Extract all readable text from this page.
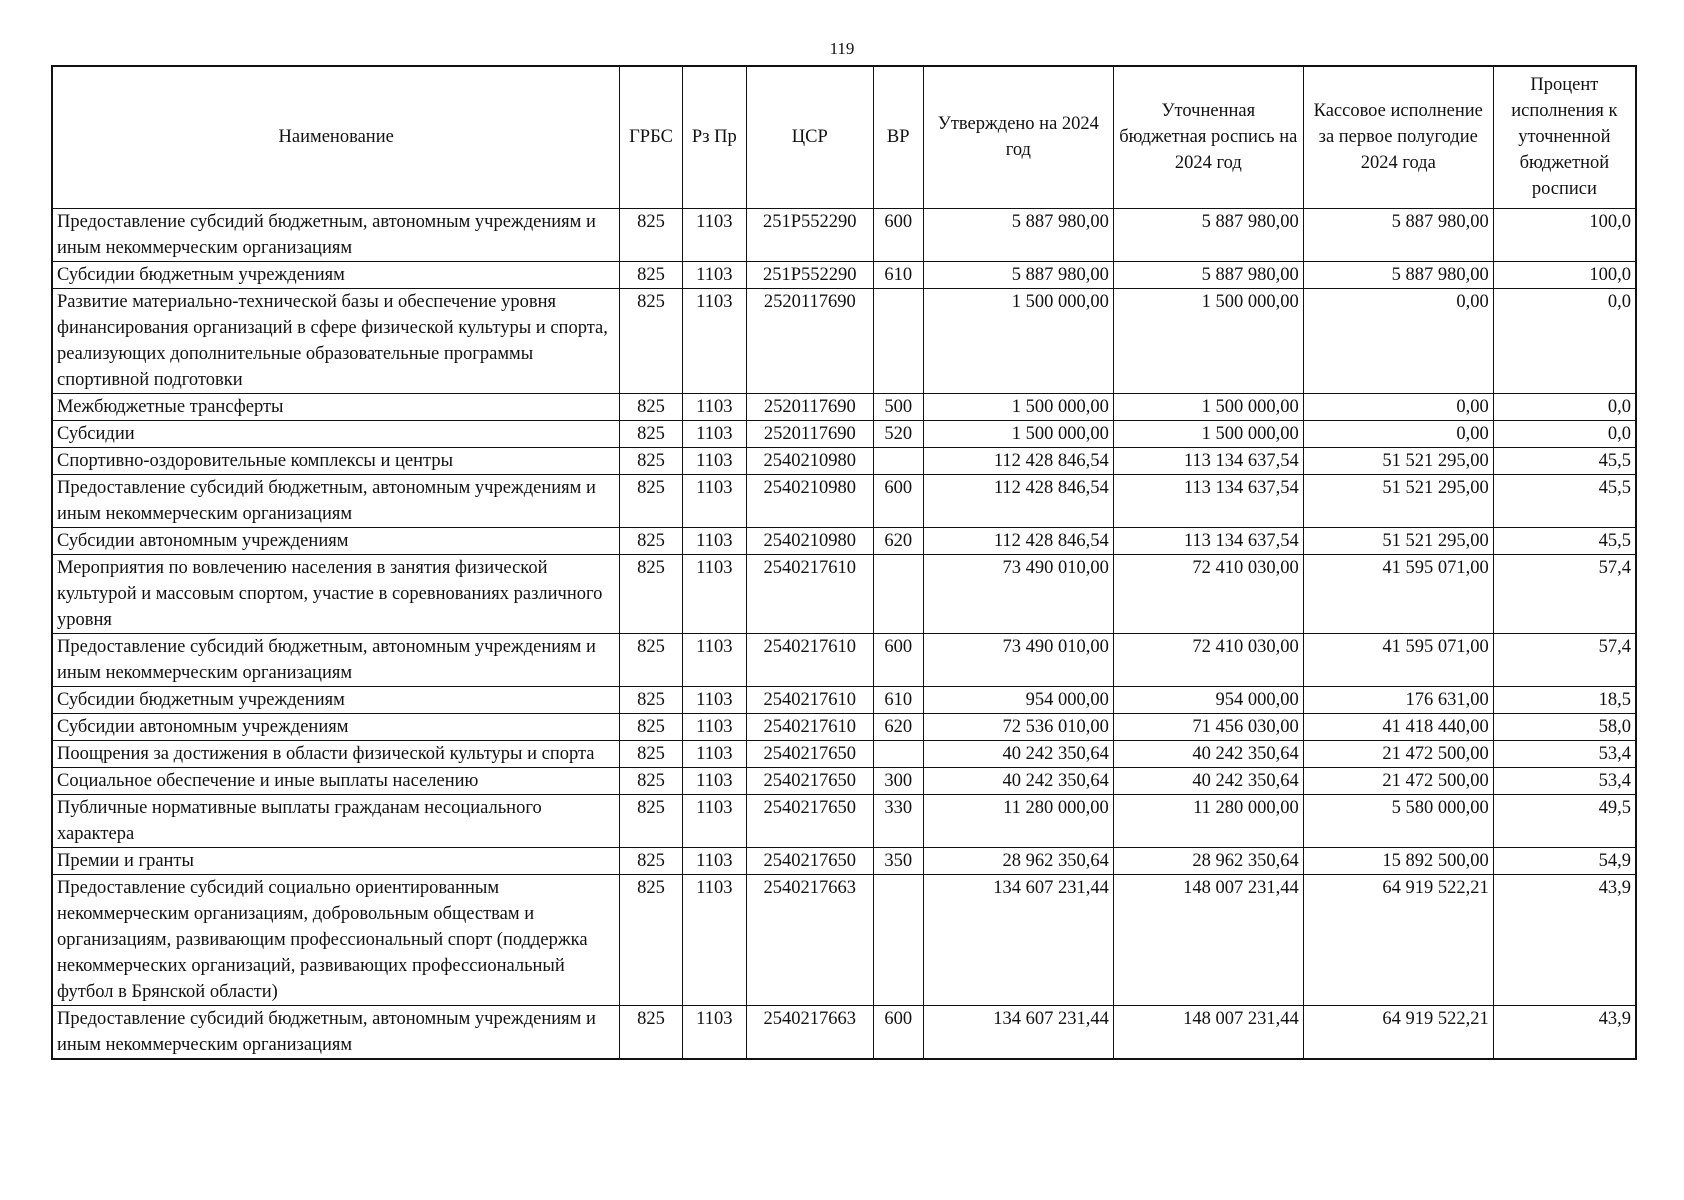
119
Наименование	ГРБС	Рз Пр	ЦСР	ВР	Утверждено на 2024 год	Уточненная бюджетная роспись на 2024 год	Кассовое исполнение за первое полугодие 2024 года	Процент исполнения к уточненной бюджетной росписи
Предоставление субсидий бюджетным, автономным учреждениям и иным некоммерческим организациям	825	1103	251P552290	600	5 887 980,00	5 887 980,00	5 887 980,00	100,0
Субсидии бюджетным учреждениям	825	1103	251P552290	610	5 887 980,00	5 887 980,00	5 887 980,00	100,0
Развитие материально-технической базы и обеспечение уровня финансирования организаций в сфере физической культуры и спорта, реализующих дополнительные образовательные программы спортивной подготовки	825	1103	2520117690		1 500 000,00	1 500 000,00	0,00	0,0
Межбюджетные трансферты	825	1103	2520117690	500	1 500 000,00	1 500 000,00	0,00	0,0
Субсидии	825	1103	2520117690	520	1 500 000,00	1 500 000,00	0,00	0,0
Спортивно-оздоровительные комплексы и центры	825	1103	2540210980		112 428 846,54	113 134 637,54	51 521 295,00	45,5
Предоставление субсидий бюджетным, автономным учреждениям и иным некоммерческим организациям	825	1103	2540210980	600	112 428 846,54	113 134 637,54	51 521 295,00	45,5
Субсидии автономным учреждениям	825	1103	2540210980	620	112 428 846,54	113 134 637,54	51 521 295,00	45,5
Мероприятия по вовлечению населения в занятия физической культурой и массовым спортом, участие в соревнованиях различного уровня	825	1103	2540217610		73 490 010,00	72 410 030,00	41 595 071,00	57,4
Предоставление субсидий бюджетным, автономным учреждениям и иным некоммерческим организациям	825	1103	2540217610	600	73 490 010,00	72 410 030,00	41 595 071,00	57,4
Субсидии бюджетным учреждениям	825	1103	2540217610	610	954 000,00	954 000,00	176 631,00	18,5
Субсидии автономным учреждениям	825	1103	2540217610	620	72 536 010,00	71 456 030,00	41 418 440,00	58,0
Поощрения за достижения в области физической культуры и спорта	825	1103	2540217650		40 242 350,64	40 242 350,64	21 472 500,00	53,4
Социальное обеспечение и иные выплаты населению	825	1103	2540217650	300	40 242 350,64	40 242 350,64	21 472 500,00	53,4
Публичные нормативные выплаты гражданам несоциального характера	825	1103	2540217650	330	11 280 000,00	11 280 000,00	5 580 000,00	49,5
Премии и гранты	825	1103	2540217650	350	28 962 350,64	28 962 350,64	15 892 500,00	54,9
Предоставление субсидий социально ориентированным некоммерческим организациям, добровольным обществам и организациям, развивающим профессиональный спорт (поддержка некоммерческих организаций, развивающих профессиональный футбол в Брянской области)	825	1103	2540217663		134 607 231,44	148 007 231,44	64 919 522,21	43,9
Предоставление субсидий бюджетным, автономным учреждениям и иным некоммерческим организациям	825	1103	2540217663	600	134 607 231,44	148 007 231,44	64 919 522,21	43,9
